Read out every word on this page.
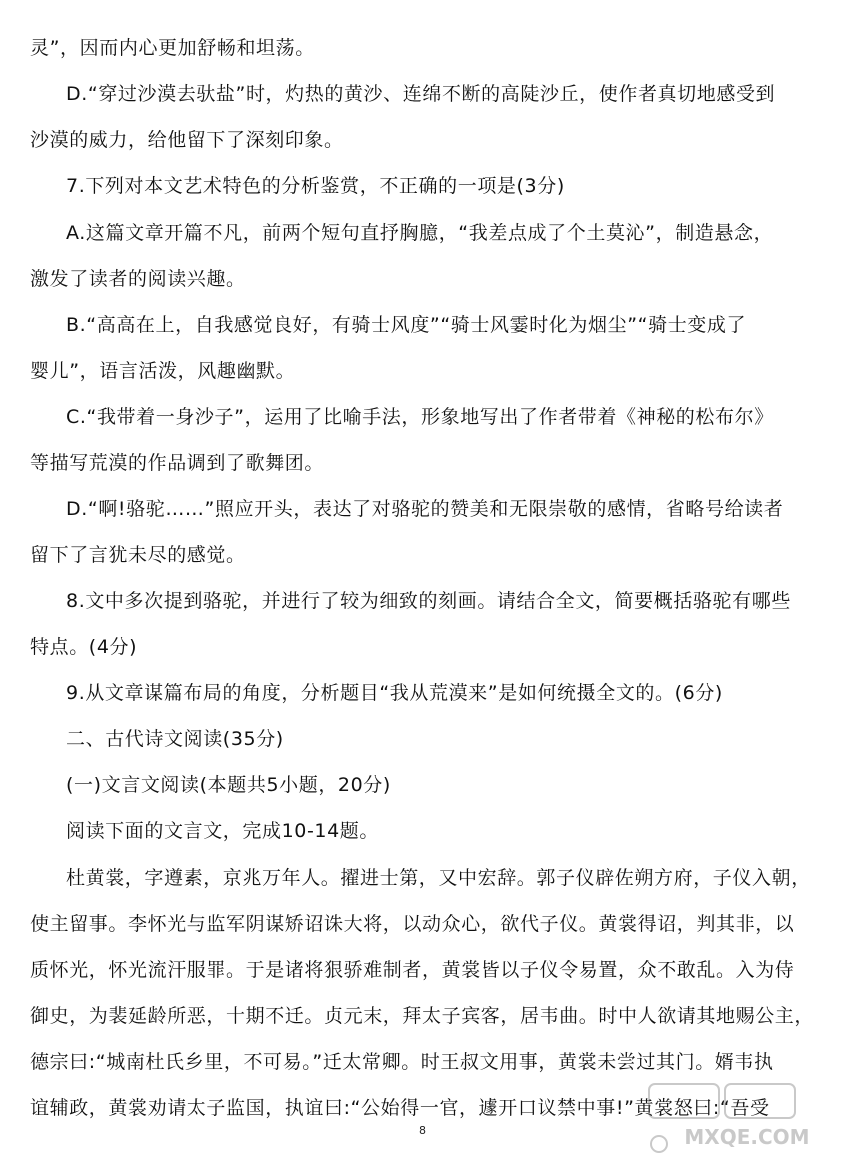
灵”，因而内心更加舒畅和坦荡。
D.“穿过沙漠去驮盐”时，灼热的黄沙、连绵不断的高陡沙丘，使作者真切地感受到
沙漠的威力，给他留下了深刻印象。
7.下列对本文艺术特色的分析鉴赏，不正确的一项是(3分)
A.这篇文章开篇不凡，前两个短句直抒胸臆，“我差点成了个土莫沁”，制造悬念，
激发了读者的阅读兴趣。
B.“高高在上，自我感觉良好，有骑士风度”“骑士风霎时化为烟尘”“骑士变成了
婴儿”，语言活泼，风趣幽默。
C.“我带着一身沙子”，运用了比喻手法，形象地写出了作者带着《神秘的松布尔》
等描写荒漠的作品调到了歌舞团。
D.“啊!骆驼……”照应开头，表达了对骆驼的赞美和无限崇敬的感情，省略号给读者
留下了言犹未尽的感觉。
8.文中多次提到骆驼，并进行了较为细致的刻画。请结合全文，简要概括骆驼有哪些
特点。(4分)
9.从文章谋篇布局的角度，分析题目“我从荒漠来”是如何统摄全文的。(6分)
二、古代诗文阅读(35分)
(一)文言文阅读(本题共5小题，20分)
阅读下面的文言文，完成10-14题。
杜黄裳，字遵素，京兆万年人。擢进士第，又中宏辞。郭子仪辟佐朔方府，子仪入朝，
使主留事。李怀光与监军阴谋矫诏诛大将，以动众心，欲代子仪。黄裳得诏，判其非，以
质怀光，怀光流汗服罪。于是诸将狠骄难制者，黄裳皆以子仪令易置，众不敢乱。入为侍
御史，为裴延龄所恶，十期不迁。贞元末，拜太子宾客，居韦曲。时中人欲请其地赐公主，
德宗曰:“城南杜氏乡里，不可易。”迁太常卿。时王叔文用事，黄裳未尝过其门。婿韦执
谊辅政，黄裳劝请太子监国，执谊曰:“公始得一官，遽开口议禁中事!”黄裳怒曰:“吾受
8	MXQE.COM
